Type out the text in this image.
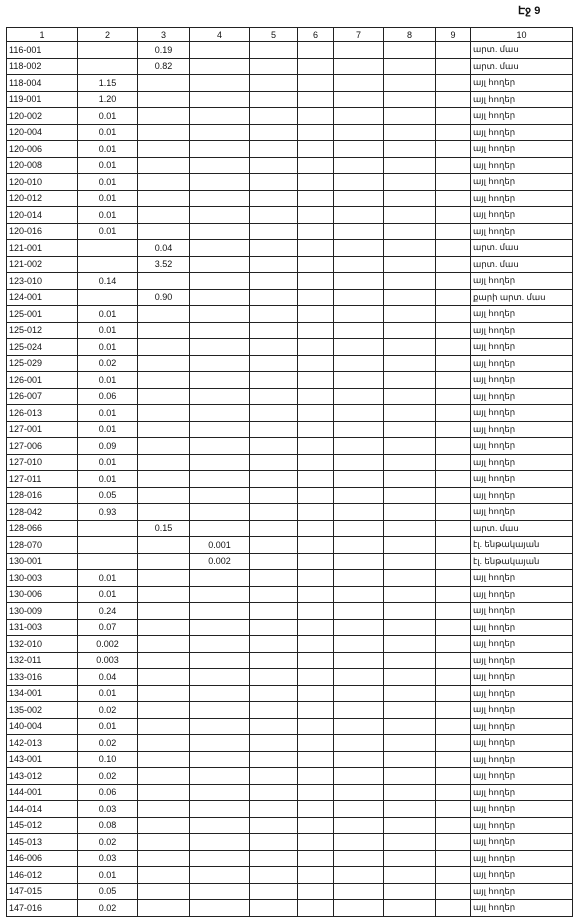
Էջ 9
1	2	3	4	5	6	7	8	9	10
116-001		0.19							արտ. մաս
118-002		0.82							արտ. մաս
118-004	1.15								այլ հողեր
119-001	1.20								այլ հողեր
120-002	0.01								այլ հողեր
120-004	0.01								այլ հողեր
120-006	0.01								այլ հողեր
120-008	0.01								այլ հողեր
120-010	0.01								այլ հողեր
120-012	0.01								այլ հողեր
120-014	0.01								այլ հողեր
120-016	0.01								այլ հողեր
121-001		0.04							արտ. մաս
121-002		3.52							արտ. մաս
123-010	0.14								այլ հողեր
124-001		0.90							քարի արտ. մաս
125-001	0.01								այլ հողեր
125-012	0.01								այլ հողեր
125-024	0.01								այլ հողեր
125-029	0.02								այլ հողեր
126-001	0.01								այլ հողեր
126-007	0.06								այլ հողեր
126-013	0.01								այլ հողեր
127-001	0.01								այլ հողեր
127-006	0.09								այլ հողեր
127-010	0.01								այլ հողեր
127-011	0.01								այլ հողեր
128-016	0.05								այլ հողեր
128-042	0.93								այլ հողեր
128-066		0.15							արտ. մաս
128-070			0.001						էլ. ենթակայան
130-001			0.002						էլ. ենթակայան
130-003	0.01								այլ հողեր
130-006	0.01								այլ հողեր
130-009	0.24								այլ հողեր
131-003	0.07								այլ հողեր
132-010	0.002								այլ հողեր
132-011	0.003								այլ հողեր
133-016	0.04								այլ հողեր
134-001	0.01								այլ հողեր
135-002	0.02								այլ հողեր
140-004	0.01								այլ հողեր
142-013	0.02								այլ հողեր
143-001	0.10								այլ հողեր
143-012	0.02								այլ հողեր
144-001	0.06								այլ հողեր
144-014	0.03								այլ հողեր
145-012	0.08								այլ հողեր
145-013	0.02								այլ հողեր
146-006	0.03								այլ հողեր
146-012	0.01								այլ հողեր
147-015	0.05								այլ հողեր
147-016	0.02								այլ հողեր
